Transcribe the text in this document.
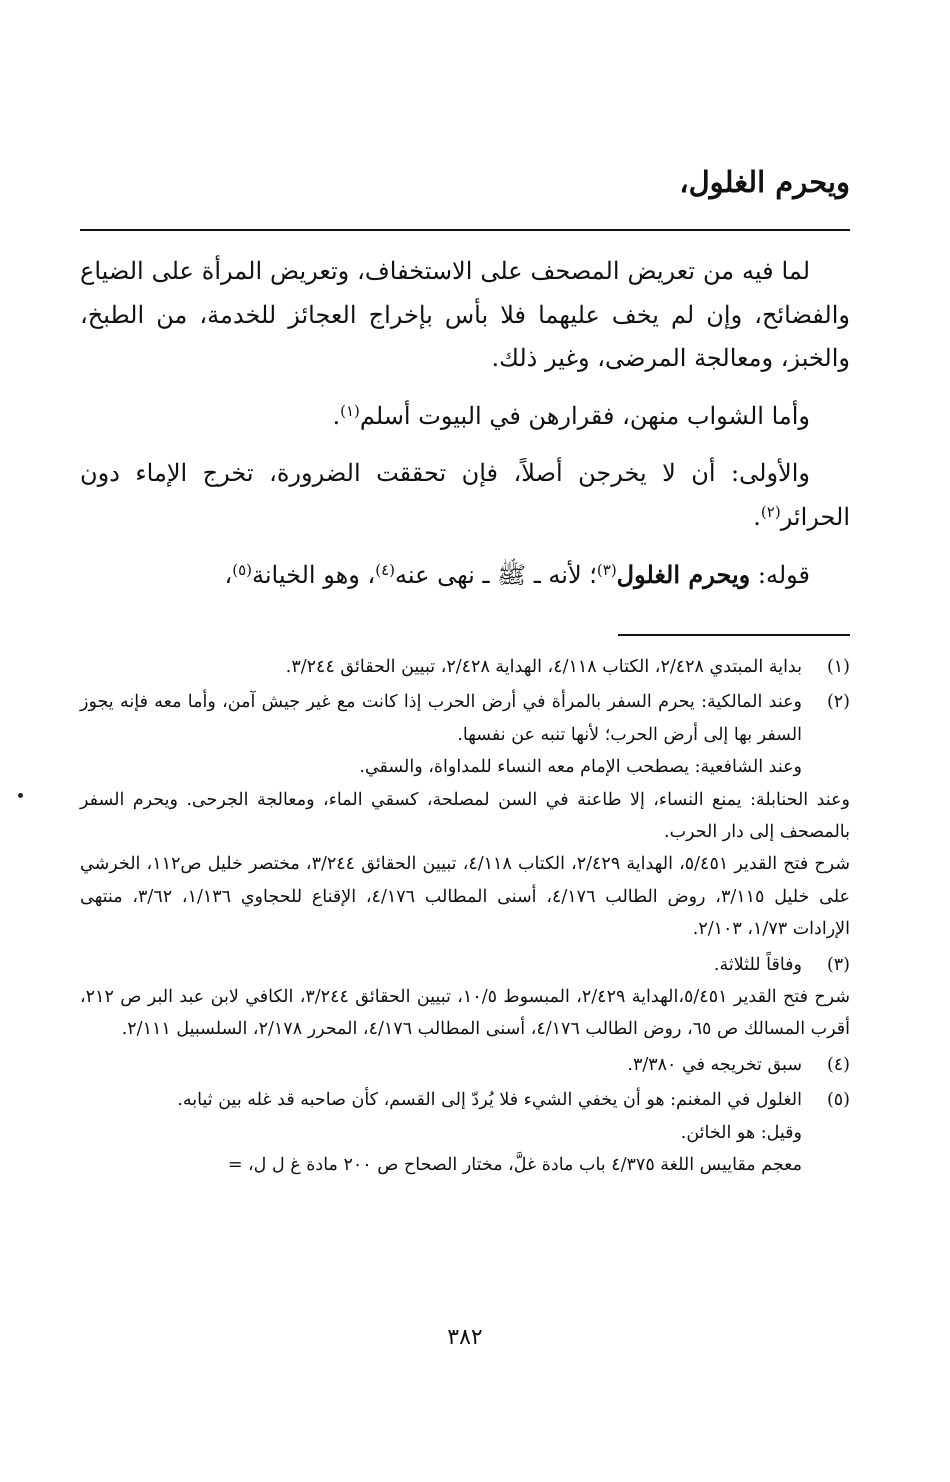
ويحرم الغلول،

لما فيه من تعريض المصحف على الاستخفاف، وتعريض المرأة على الضياع والفضائح، وإن لم يخف عليهما فلا بأس بإخراج العجائز للخدمة، من الطبخ، والخبز، ومعالجة المرضى، وغير ذلك.

وأما الشواب منهن، فقرارهن في البيوت أسلم$^{(١)}$.

والأولى: أن لا يخرجن أصلاً، فإن تحققت الضرورة، تخرج الإماء دون الحرائر$^{(٢)}$.

قوله: ويحرم الغلول$^{(٣)}$؛ لأنه ـ ﷺ ـ نهى عنه$^{(٤)}$، وهو الخيانة$^{(٥)}$،

(١)
بداية المبتدي ٢/٤٢٨، الكتاب ٤/١١٨، الهداية ٢/٤٢٨، تبيين الحقائق ٣/٢٤٤.
(٢)
وعند المالكية: يحرم السفر بالمرأة في أرض الحرب إذا كانت مع غير جيش آمن، وأما معه فإنه يجوز السفر بها إلى أرض الحرب؛ لأنها تنبه عن نفسها.
وعند الشافعية: يصطحب الإمام معه النساء للمداواة، والسقي.
وعند الحنابلة: يمنع النساء، إلا طاعنة في السن لمصلحة، كسقي الماء، ومعالجة الجرحى. ويحرم السفر بالمصحف إلى دار الحرب.
شرح فتح القدير ٥/٤٥١، الهداية ٢/٤٢٩، الكتاب ٤/١١٨، تبيين الحقائق ٣/٢٤٤، مختصر خليل ص١١٢، الخرشي على خليل ٣/١١٥، روض الطالب ٤/١٧٦، أسنى المطالب ٤/١٧٦، الإقناع للحجاوي ١/١٣٦، ٣/٦٢، منتهى الإرادات ١/٧٣، ٢/١٠٣.
(٣)
وفاقاً للثلاثة.
شرح فتح القدير ٥/٤٥١،الهداية ٢/٤٢٩، المبسوط ١٠/٥، تبيين الحقائق ٣/٢٤٤، الكافي لابن عبد البر ص ٢١٢، أقرب المسالك ص ٦٥، روض الطالب ٤/١٧٦، أسنى المطالب ٤/١٧٦، المحرر ٢/١٧٨، السلسبيل ٢/١١١.
(٤)
سبق تخريجه في ٣/٣٨٠.
(٥)
الغلول في المغنم: هو أن يخفي الشيء فلا يُردّ إلى القسم، كأن صاحبه قد غله بين ثيابه.
وقيل: هو الخائن.
معجم مقاييس اللغة ٤/٣٧٥ باب مادة غلَّ، مختار الصحاح ص ٢٠٠ مادة غ ل ل، =
٣٨٢
